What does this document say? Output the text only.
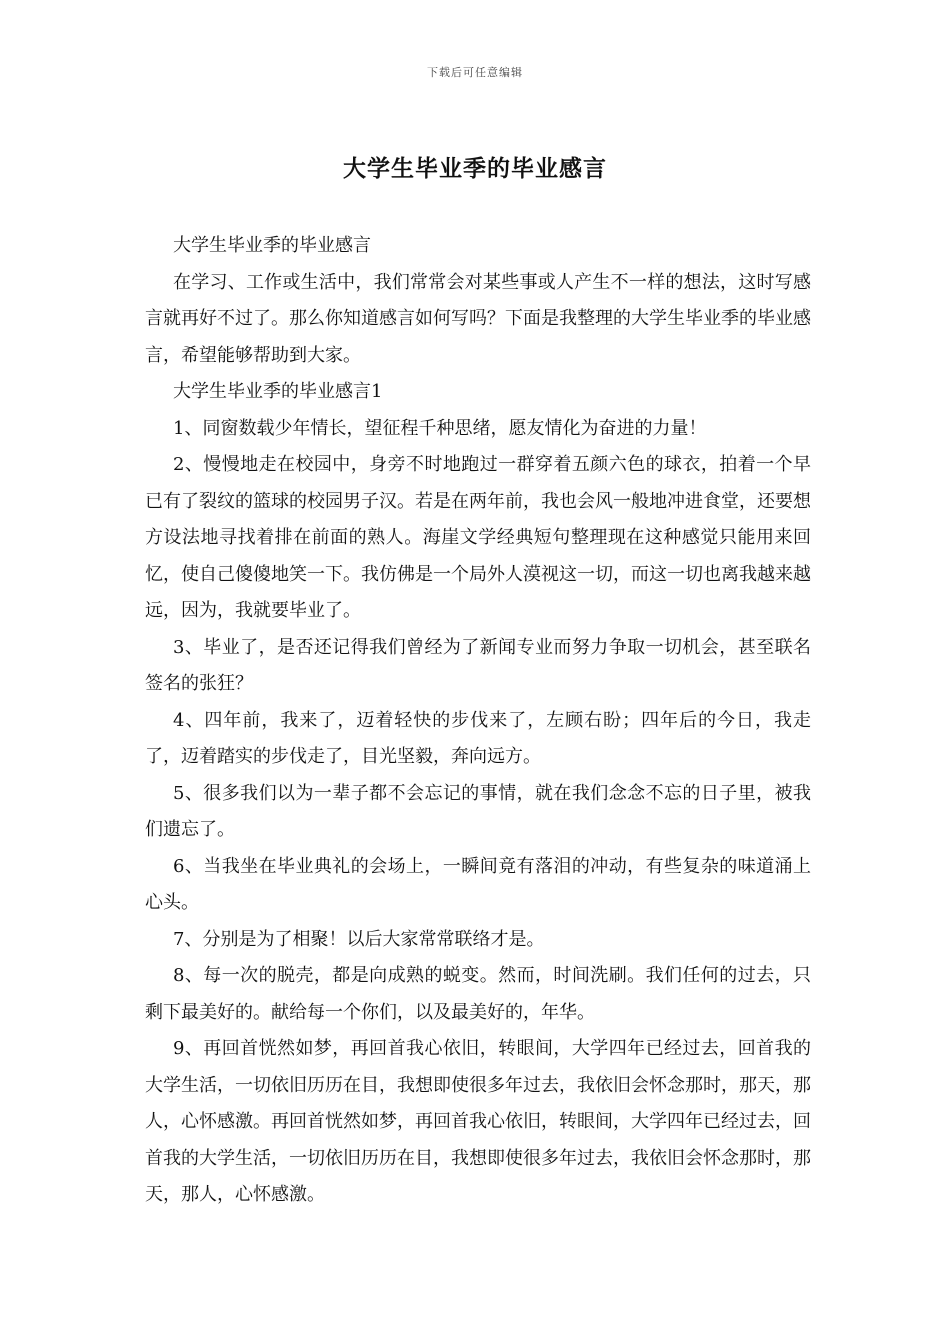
下载后可任意编辑
大学生毕业季的毕业感言

大学生毕业季的毕业感言

在学习、工作或生活中，我们常常会对某些事或人产生不一样的想法，这时写感言就再好不过了。那么你知道感言如何写吗？下面是我整理的大学生毕业季的毕业感言，希望能够帮助到大家。

大学生毕业季的毕业感言1

1、同窗数载少年情长，望征程千种思绪，愿友情化为奋进的力量！

2、慢慢地走在校园中，身旁不时地跑过一群穿着五颜六色的球衣，拍着一个早已有了裂纹的篮球的校园男子汉。若是在两年前，我也会风一般地冲进食堂，还要想方设法地寻找着排在前面的熟人。海崖文学经典短句整理现在这种感觉只能用来回忆，使自己傻傻地笑一下。我仿佛是一个局外人漠视这一切，而这一切也离我越来越远，因为，我就要毕业了。

3、毕业了，是否还记得我们曾经为了新闻专业而努力争取一切机会，甚至联名签名的张狂？

4、四年前，我来了，迈着轻快的步伐来了，左顾右盼；四年后的今日，我走了，迈着踏实的步伐走了，目光坚毅，奔向远方。

5、很多我们以为一辈子都不会忘记的事情，就在我们念念不忘的日子里，被我们遗忘了。

6、当我坐在毕业典礼的会场上，一瞬间竟有落泪的冲动，有些复杂的味道涌上心头。

7、分别是为了相聚！以后大家常常联络才是。

8、每一次的脱壳，都是向成熟的蜕变。然而，时间洗刷。我们任何的过去，只剩下最美好的。献给每一个你们，以及最美好的，年华。

9、再回首恍然如梦，再回首我心依旧，转眼间，大学四年已经过去，回首我的大学生活，一切依旧历历在目，我想即使很多年过去，我依旧会怀念那时，那天，那人，心怀感激。再回首恍然如梦，再回首我心依旧，转眼间，大学四年已经过去，回首我的大学生活，一切依旧历历在目，我想即使很多年过去，我依旧会怀念那时，那天，那人，心怀感激。
